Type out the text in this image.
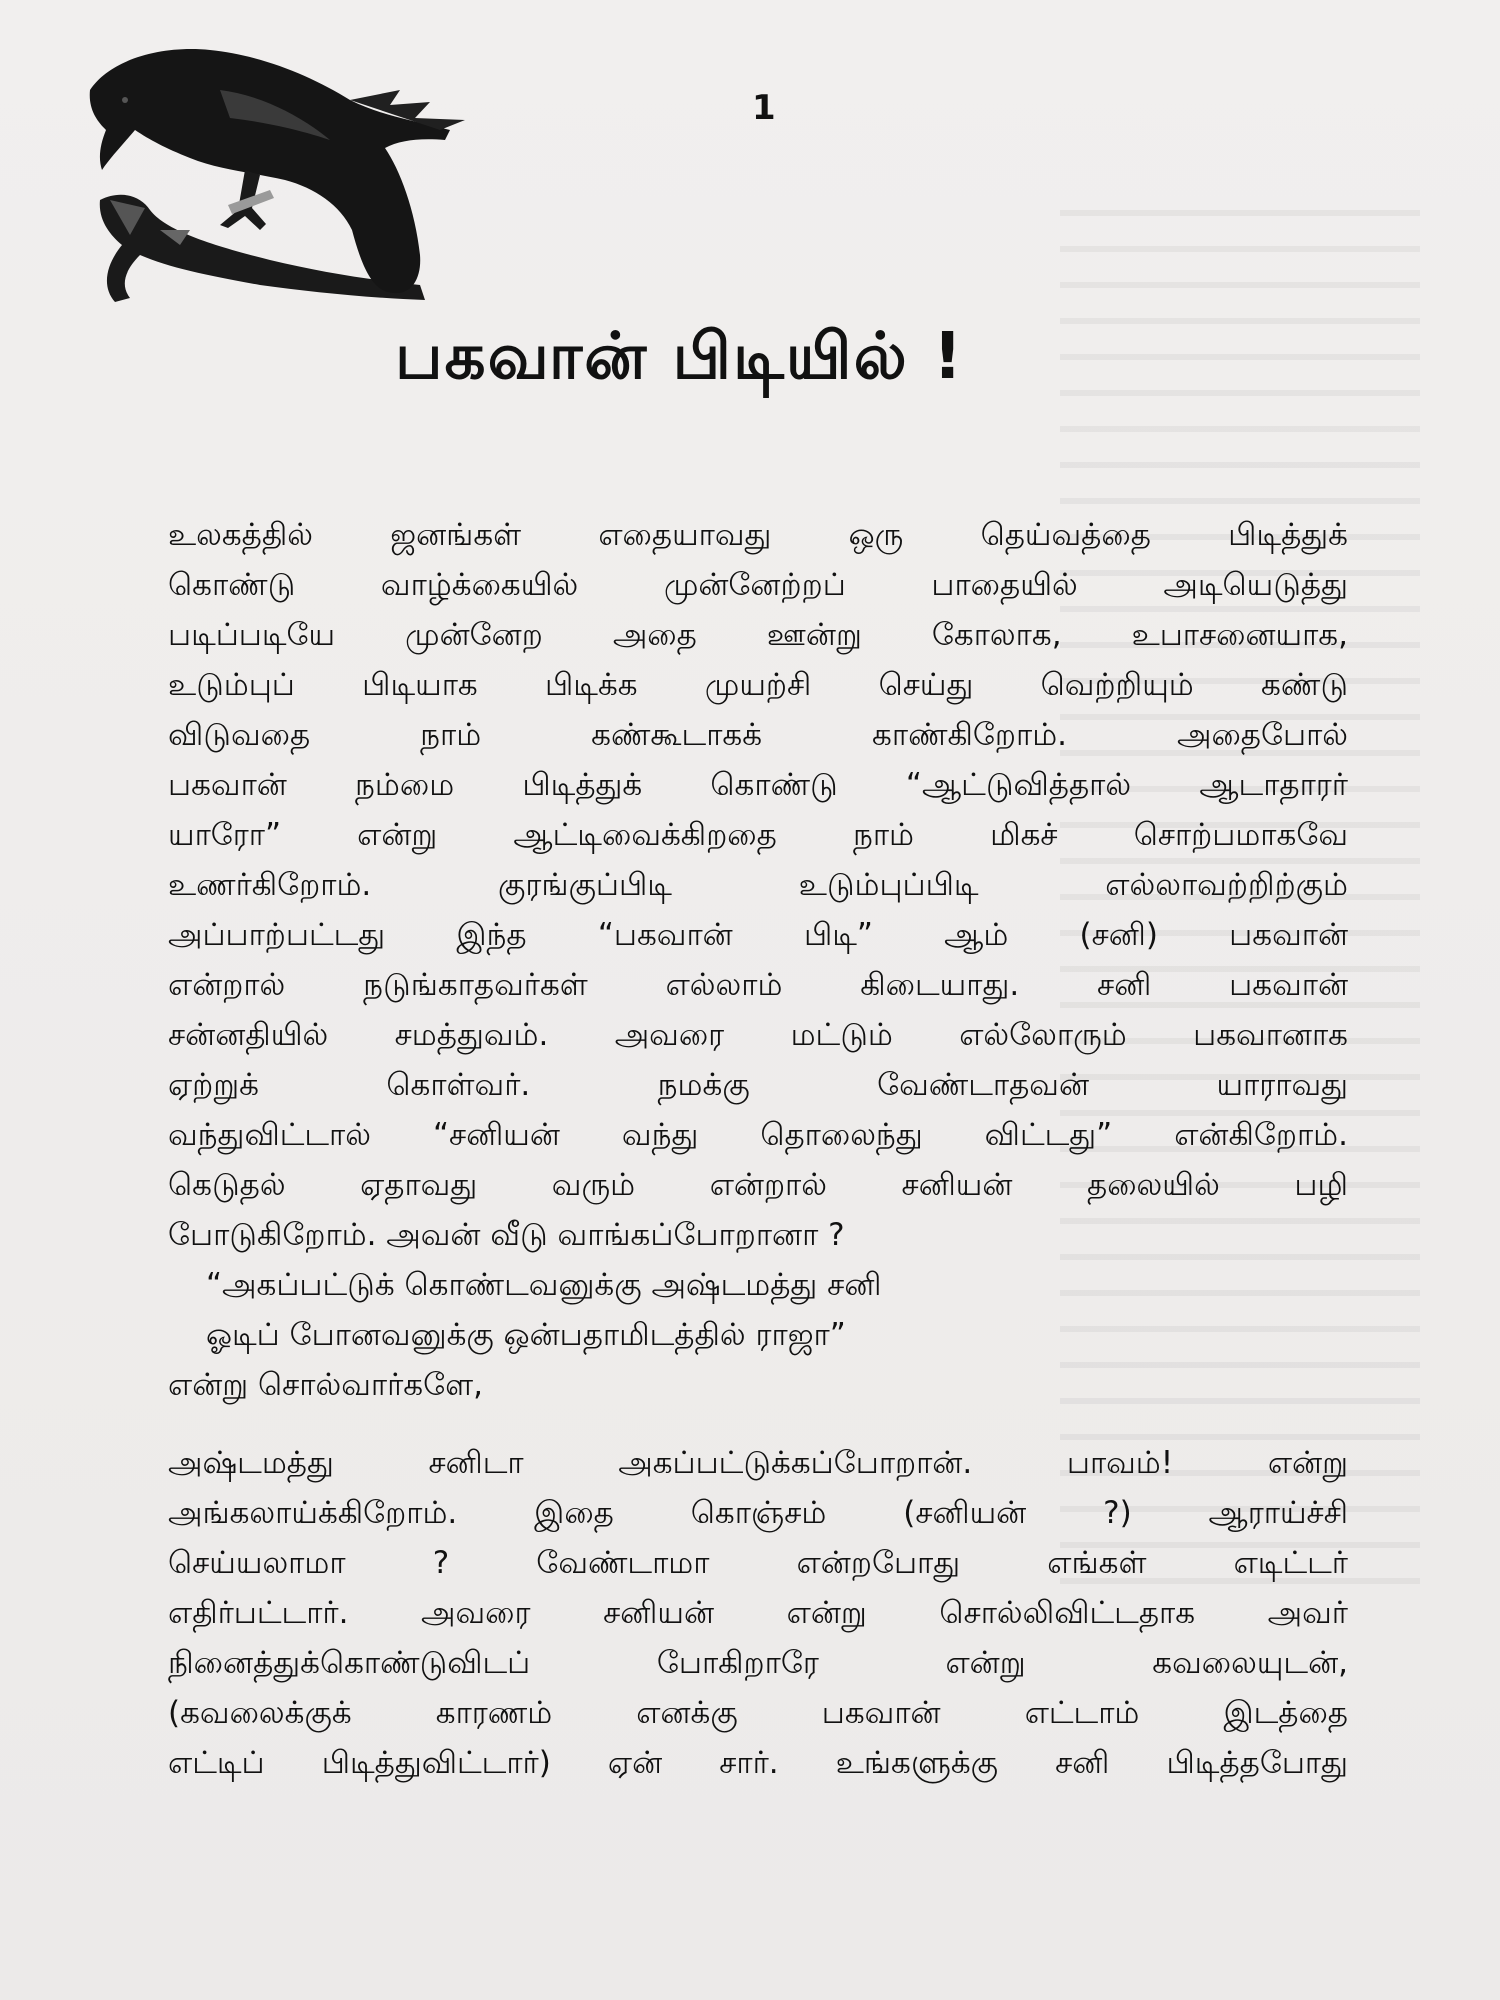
1
பகவான் பிடியில் !
உலகத்தில் ஜனங்கள் எதையாவது ஒரு தெய்வத்தை பிடித்துக்
கொண்டு வாழ்க்கையில் முன்னேற்றப் பாதையில் அடியெடுத்து
படிப்படியே முன்னேற அதை ஊன்று கோலாக, உபாசனையாக,
உடும்புப் பிடியாக பிடிக்க முயற்சி செய்து வெற்றியும் கண்டு
விடுவதை நாம் கண்கூடாகக் காண்கிறோம். அதைபோல்
பகவான் நம்மை பிடித்துக் கொண்டு “ஆட்டுவித்தால் ஆடாதாரர்
யாரோ” என்று ஆட்டிவைக்கிறதை நாம் மிகச் சொற்பமாகவே
உணர்கிறோம். குரங்குப்பிடி உடும்புப்பிடி எல்லாவற்றிற்கும்
அப்பாற்பட்டது இந்த “பகவான் பிடி” ஆம் (சனி) பகவான்
என்றால் நடுங்காதவர்கள் எல்லாம் கிடையாது. சனி பகவான்
சன்னதியில் சமத்துவம். அவரை மட்டும் எல்லோரும் பகவானாக
ஏற்றுக் கொள்வர். நமக்கு வேண்டாதவன் யாராவது
வந்துவிட்டால் “சனியன் வந்து தொலைந்து விட்டது” என்கிறோம்.
கெடுதல் ஏதாவது வரும் என்றால் சனியன் தலையில் பழி
போடுகிறோம். அவன் வீடு வாங்கப்போறானா ?
“அகப்பட்டுக் கொண்டவனுக்கு அஷ்டமத்து சனி
ஓடிப் போனவனுக்கு ஒன்பதாமிடத்தில் ராஜா”
என்று சொல்வார்களே,
அஷ்டமத்து சனிடா அகப்பட்டுக்கப்போறான். பாவம்! என்று
அங்கலாய்க்கிறோம். இதை கொஞ்சம் (சனியன் ?) ஆராய்ச்சி
செய்யலாமா ? வேண்டாமா என்றபோது எங்கள் எடிட்டர்
எதிர்பட்டார். அவரை சனியன் என்று சொல்லிவிட்டதாக அவர்
நினைத்துக்கொண்டுவிடப் போகிறாரே என்று கவலையுடன்,
(கவலைக்குக் காரணம் எனக்கு பகவான் எட்டாம் இடத்தை
எட்டிப் பிடித்துவிட்டார்) ஏன் சார். உங்களுக்கு சனி பிடித்தபோது
